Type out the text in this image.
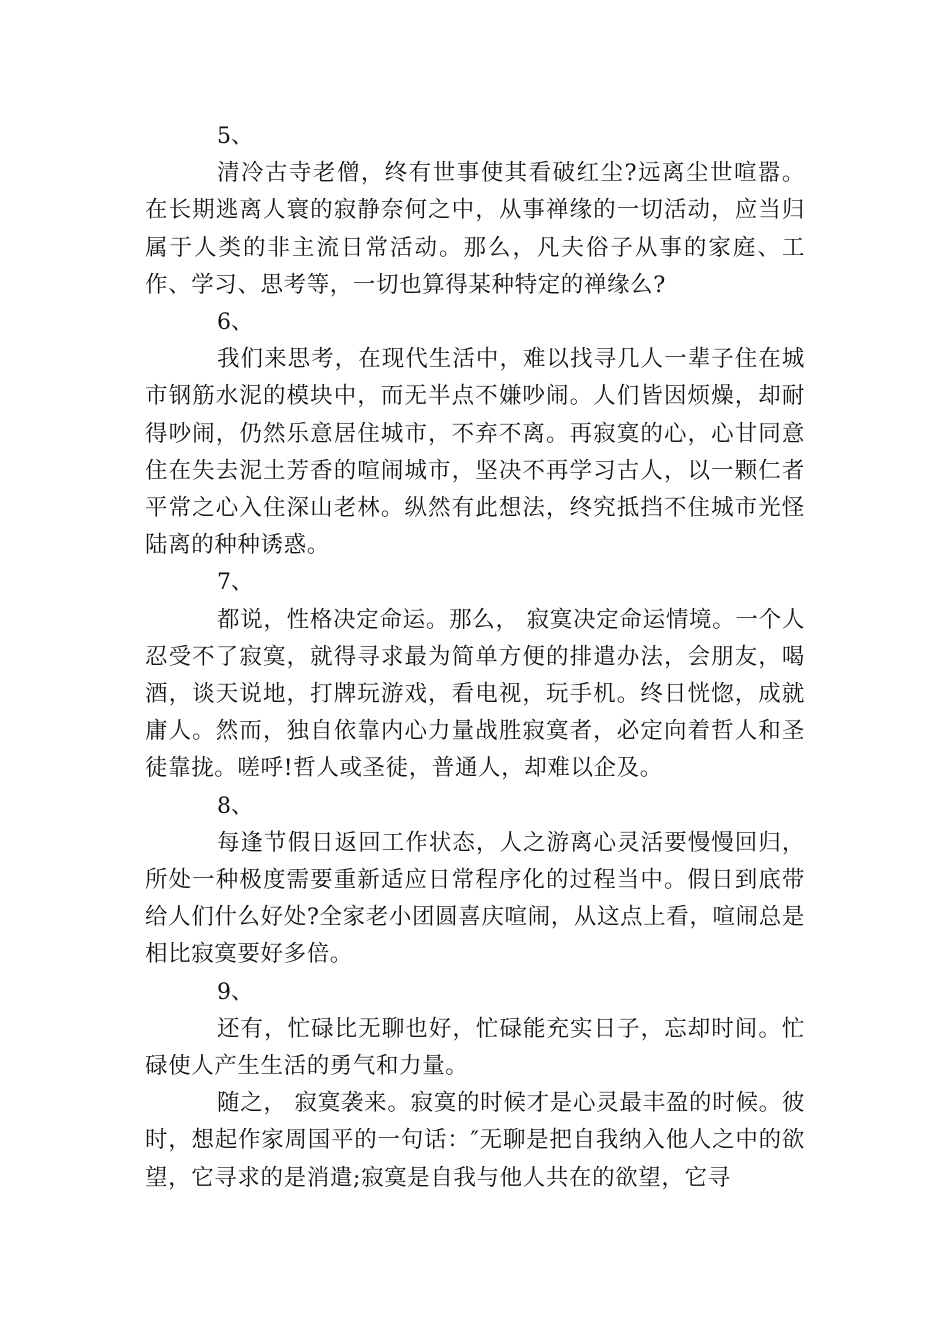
5、

清冷古寺老僧，终有世事使其看破红尘?远离尘世喧嚣。在长期逃离人寰的寂静奈何之中，从事禅缘的一切活动，应当归属于人类的非主流日常活动。那么，凡夫俗子从事的家庭、工作、学习、思考等，一切也算得某种特定的禅缘么?

6、

我们来思考，在现代生活中，难以找寻几人一辈子住在城市钢筋水泥的模块中，而无半点不嫌吵闹。人们皆因烦燥，却耐得吵闹，仍然乐意居住城市，不弃不离。再寂寞的心，心甘同意住在失去泥土芳香的喧闹城市，坚决不再学习古人，以一颗仁者平常之心入住深山老林。纵然有此想法，终究抵挡不住城市光怪陆离的种种诱惑。

7、

都说，性格决定命运。那么， 寂寞决定命运情境。一个人忍受不了寂寞，就得寻求最为简单方便的排遣办法，会朋友，喝酒，谈天说地，打牌玩游戏，看电视，玩手机。终日恍惚，成就庸人。然而，独自依靠内心力量战胜寂寞者，必定向着哲人和圣徒靠拢。嗟呼!哲人或圣徒，普通人，却难以企及。

8、

每逢节假日返回工作状态，人之游离心灵活要慢慢回归，所处一种极度需要重新适应日常程序化的过程当中。假日到底带给人们什么好处?全家老小团圆喜庆喧闹，从这点上看，喧闹总是相比寂寞要好多倍。

9、

还有，忙碌比无聊也好，忙碌能充实日子，忘却时间。忙碌使人产生生活的勇气和力量。

随之， 寂寞袭来。寂寞的时候才是心灵最丰盈的时候。彼时，想起作家周国平的一句话：″无聊是把自我纳入他人之中的欲望，它寻求的是消遣;寂寞是自我与他人共在的欲望，它寻
